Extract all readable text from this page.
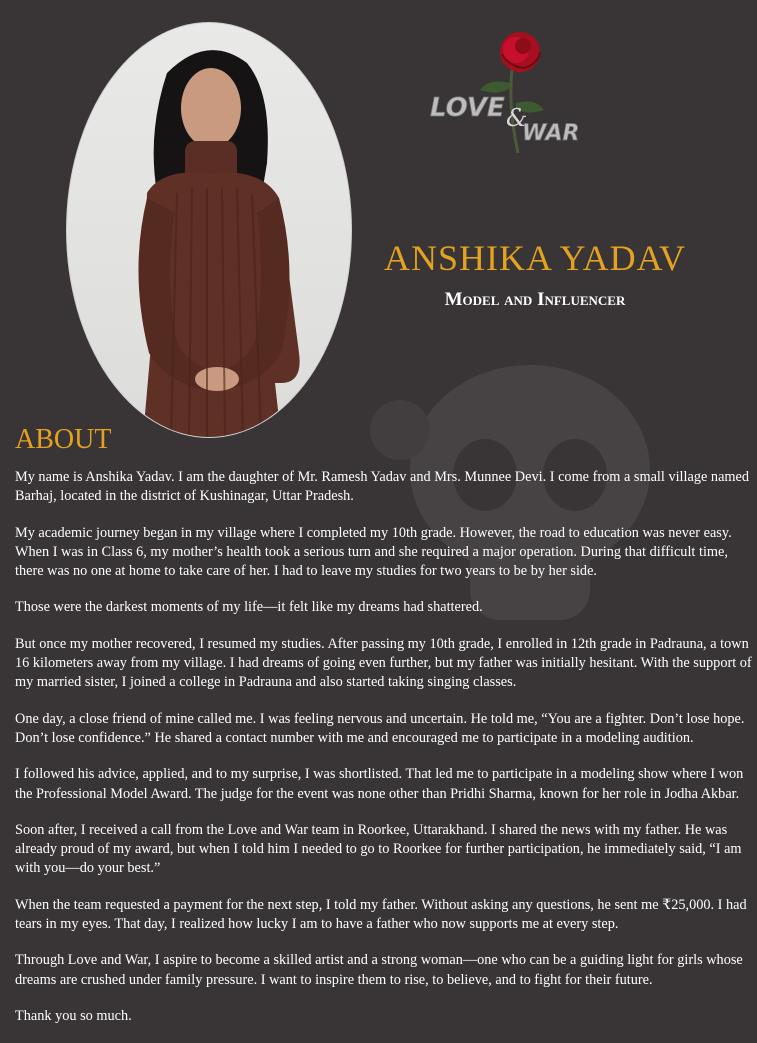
LOVE &
WAR
ANSHIKA YADAV
Model and Influencer
ABOUT

My name is Anshika Yadav. I am the daughter of Mr. Ramesh Yadav and Mrs. Munnee Devi. I come from a small village named Barhaj, located in the district of Kushinagar, Uttar Pradesh.

My academic journey began in my village where I completed my 10th grade. However, the road to education was never easy. When I was in Class 6, my mother’s health took a serious turn and she required a major operation. During that difficult time, there was no one at home to take care of her. I had to leave my studies for two years to be by her side.

Those were the darkest moments of my life—it felt like my dreams had shattered.

But once my mother recovered, I resumed my studies. After passing my 10th grade, I enrolled in 12th grade in Padrauna, a town 16 kilometers away from my village. I had dreams of going even further, but my father was initially hesitant. With the support of my married sister, I joined a college in Padrauna and also started taking singing classes.

One day, a close friend of mine called me. I was feeling nervous and uncertain. He told me, “You are a fighter. Don’t lose hope. Don’t lose confidence.” He shared a contact number with me and encouraged me to participate in a modeling audition.

I followed his advice, applied, and to my surprise, I was shortlisted. That led me to participate in a modeling show where I won the Professional Model Award. The judge for the event was none other than Pridhi Sharma, known for her role in Jodha Akbar.

Soon after, I received a call from the Love and War team in Roorkee, Uttarakhand. I shared the news with my father. He was already proud of my award, but when I told him I needed to go to Roorkee for further participation, he immediately said, “I am with you—do your best.”

When the team requested a payment for the next step, I told my father. Without asking any questions, he sent me ₹25,000. I had tears in my eyes. That day, I realized how lucky I am to have a father who now supports me at every step.

Through Love and War, I aspire to become a skilled artist and a strong woman—one who can be a guiding light for girls whose dreams are crushed under family pressure. I want to inspire them to rise, to believe, and to fight for their future.

Thank you so much.
